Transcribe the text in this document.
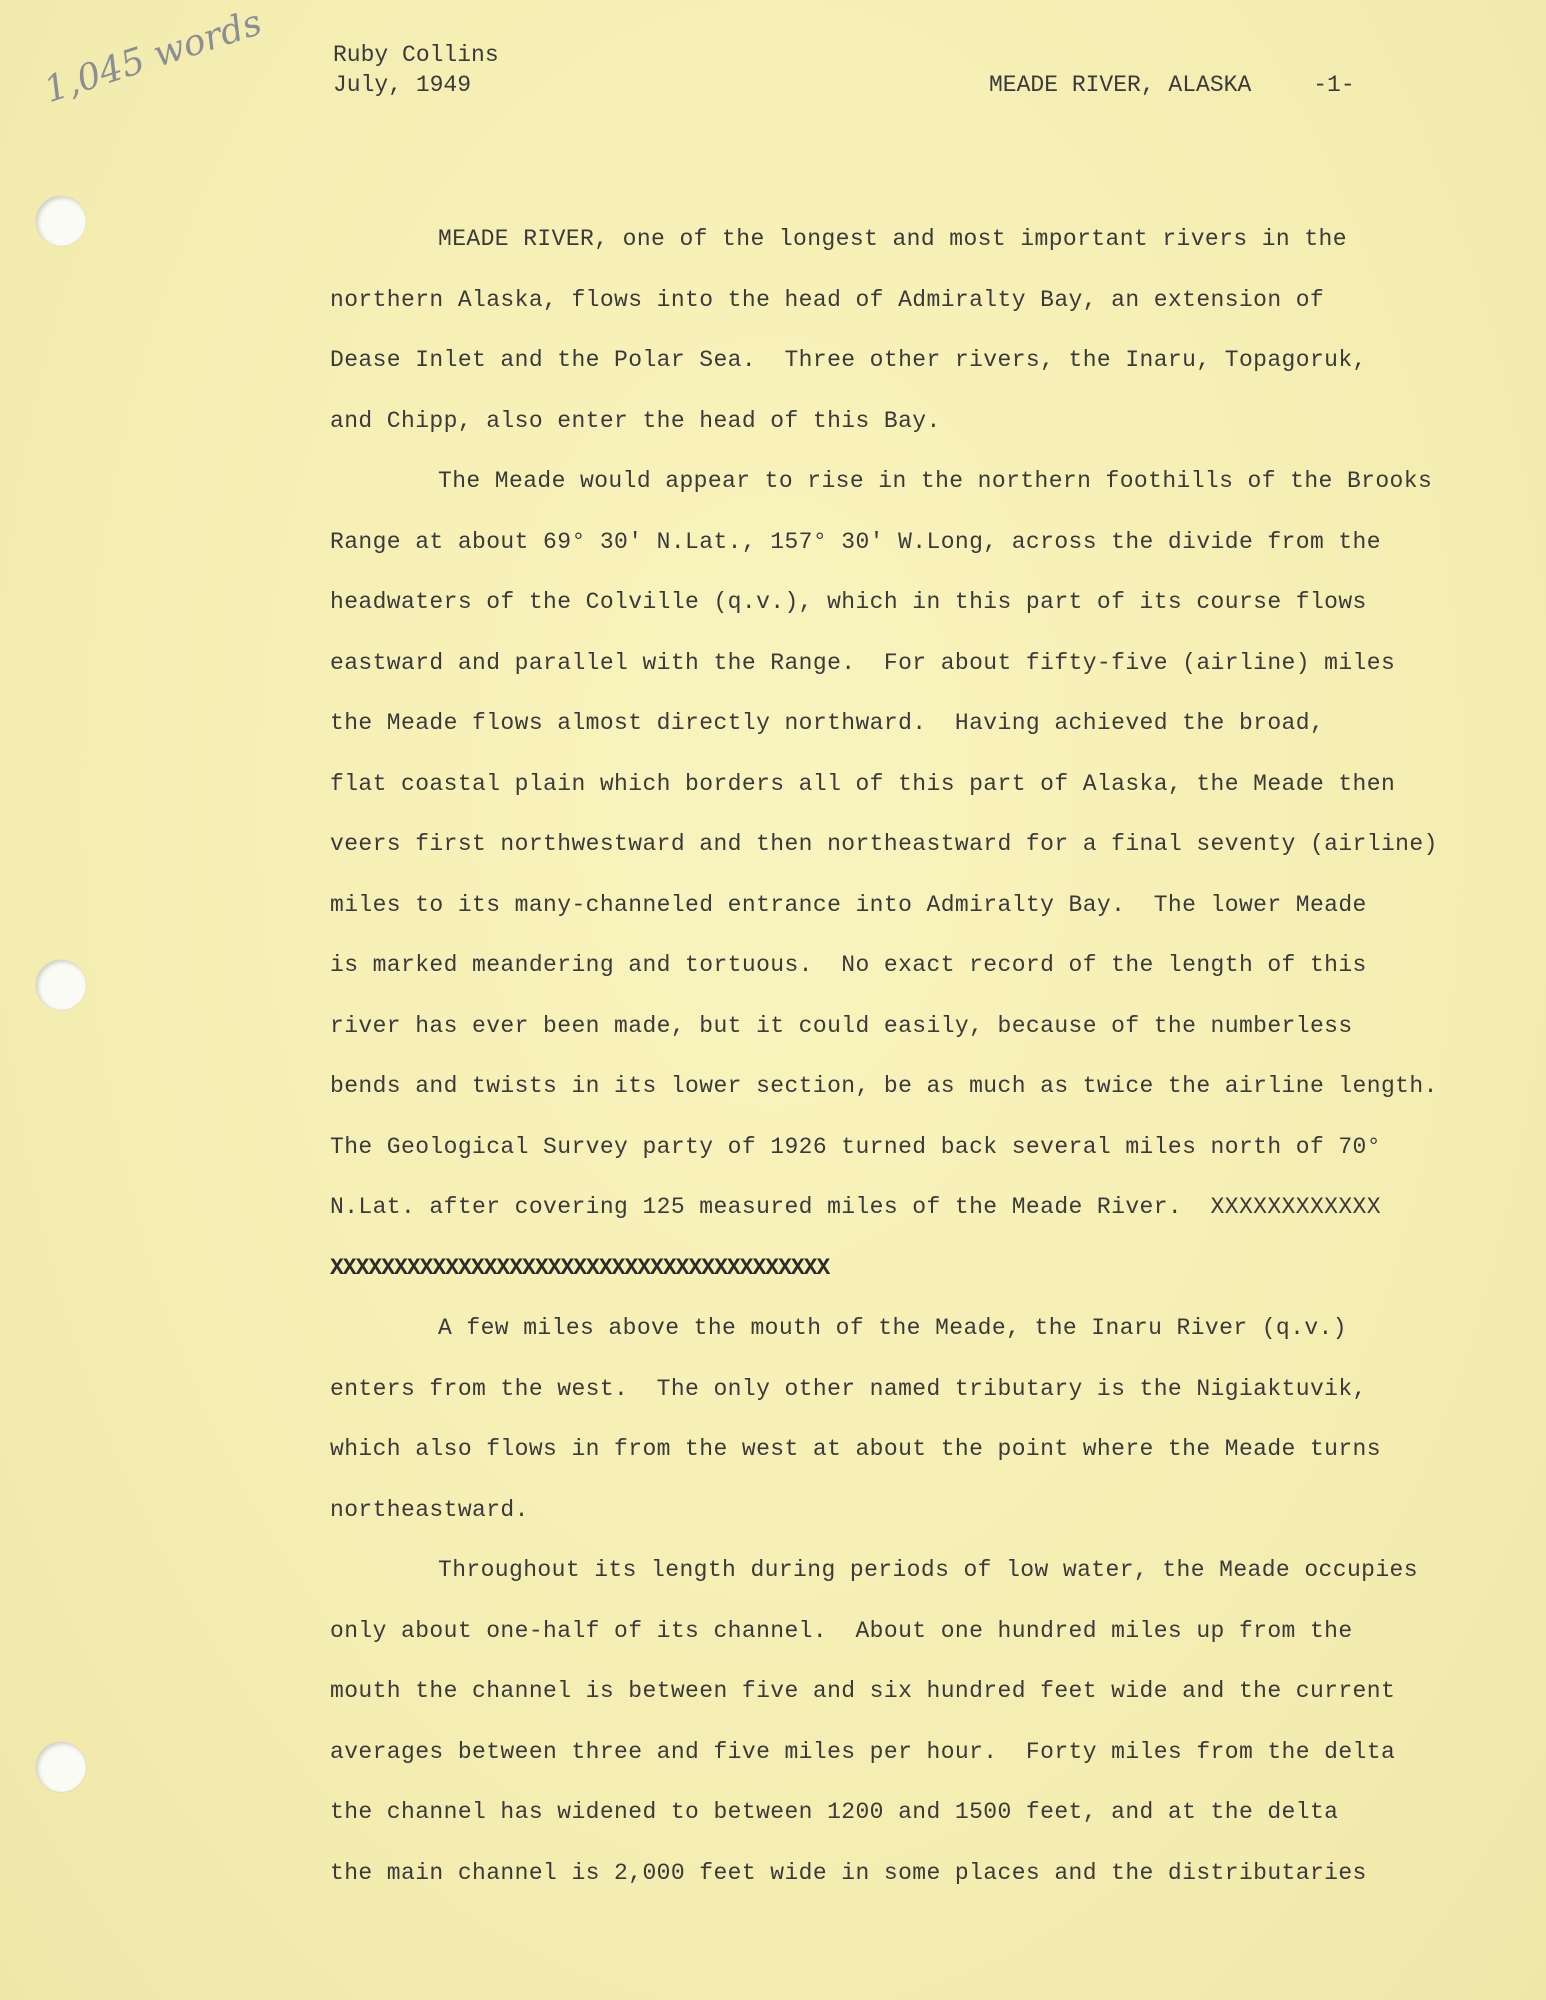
1,045 words	Ruby Collins
July, 1949	MEADE RIVER, ALASKA	-1-
MEADE RIVER, one of the longest and most important rivers in the
northern Alaska, flows into the head of Admiralty Bay, an extension of
Dease Inlet and the Polar Sea.  Three other rivers, the Inaru, Topagoruk,
and Chipp, also enter the head of this Bay.
The Meade would appear to rise in the northern foothills of the Brooks
Range at about 69° 30' N.Lat., 157° 30' W.Long, across the divide from the
headwaters of the Colville (q.v.), which in this part of its course flows
eastward and parallel with the Range.  For about fifty-five (airline) miles
the Meade flows almost directly northward.  Having achieved the broad,
flat coastal plain which borders all of this part of Alaska, the Meade then
veers first northwestward and then northeastward for a final seventy (airline)
miles to its many-channeled entrance into Admiralty Bay.  The lower Meade
is marked meandering and tortuous.  No exact record of the length of this
river has ever been made, but it could easily, because of the numberless
bends and twists in its lower section, be as much as twice the airline length.
The Geological Survey party of 1926 turned back several miles north of 70°
N.Lat. after covering 125 measured miles of the Meade River.  XXXXXXXXXXXX
XXXXXXXXXXXXXXXXXXXXXXXXXXXXXXXXXXXXXXX
A few miles above the mouth of the Meade, the Inaru River (q.v.)
enters from the west.  The only other named tributary is the Nigiaktuvik,
which also flows in from the west at about the point where the Meade turns
northeastward.
Throughout its length during periods of low water, the Meade occupies
only about one-half of its channel.  About one hundred miles up from the
mouth the channel is between five and six hundred feet wide and the current
averages between three and five miles per hour.  Forty miles from the delta
the channel has widened to between 1200 and 1500 feet, and at the delta
the main channel is 2,000 feet wide in some places and the distributaries
